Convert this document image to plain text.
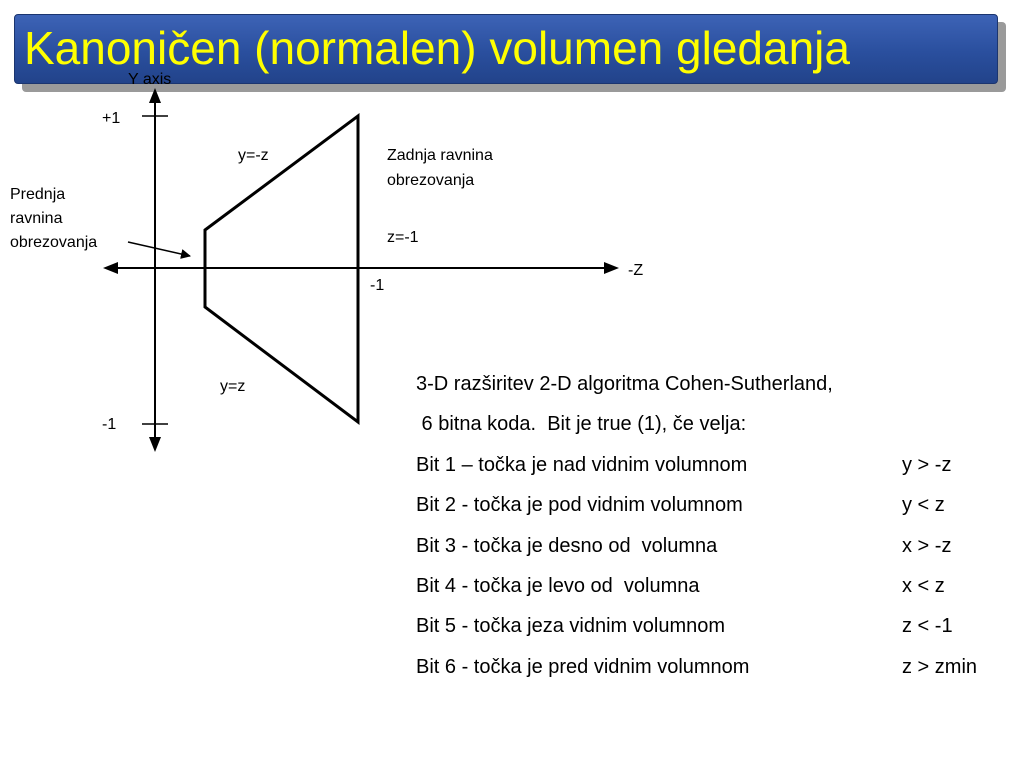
Kanoničen (normalen) volumen gledanja
Y axis
+1
-1
-Z
-1
y=-z
y=z
Zadnja ravnina
obrezovanja
z=-1
Prednja
ravnina
obrezovanja
3-D razširitev 2-D algoritma Cohen-Sutherland,
6 bitna koda.  Bit je true (1), če velja:
Bit 1 – točka je nad vidnim volumnom	y > -z
Bit 2 - točka je pod vidnim volumnom	y < z
Bit 3 - točka je desno od  volumna	x > -z
Bit 4 - točka je levo od  volumna	x < z
Bit 5 - točka jeza vidnim volumnom	z < -1
Bit 6 - točka je pred vidnim volumnom	z > zmin
